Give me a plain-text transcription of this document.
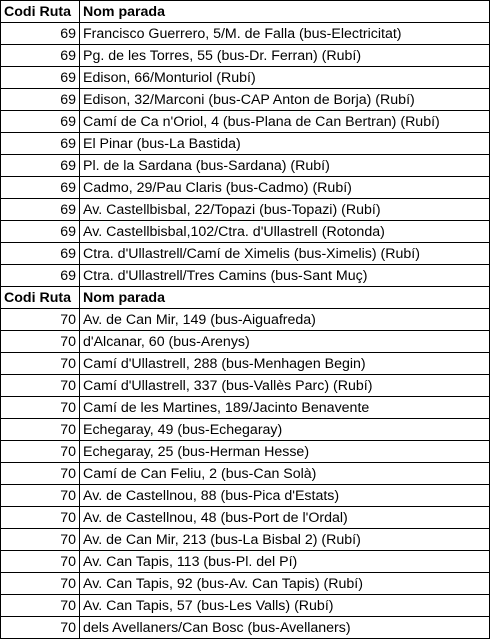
Codi Ruta	Nom parada
69	Francisco Guerrero, 5/M. de Falla (bus-Electricitat)
69	Pg. de les Torres, 55 (bus-Dr. Ferran) (Rubí)
69	Edison, 66/Monturiol (Rubí)
69	Edison, 32/Marconi (bus-CAP Anton de Borja) (Rubí)
69	Camí de Ca n'Oriol, 4 (bus-Plana de Can Bertran) (Rubí)
69	El Pinar (bus-La Bastida)
69	Pl. de la Sardana (bus-Sardana) (Rubí)
69	Cadmo, 29/Pau Claris (bus-Cadmo) (Rubí)
69	Av. Castellbisbal, 22/Topazi (bus-Topazi) (Rubí)
69	Av. Castellbisbal,102/Ctra. d'Ullastrell (Rotonda)
69	Ctra. d'Ullastrell/Camí de Ximelis (bus-Ximelis) (Rubí)
69	Ctra. d'Ullastrell/Tres Camins (bus-Sant Muç)
Codi Ruta	Nom parada
70	Av. de Can Mir, 149 (bus-Aiguafreda)
70	d'Alcanar, 60 (bus-Arenys)
70	Camí d'Ullastrell, 288 (bus-Menhagen Begin)
70	Camí d'Ullastrell, 337 (bus-Vallès Parc) (Rubí)
70	Camí de les Martines, 189/Jacinto Benavente
70	Echegaray, 49 (bus-Echegaray)
70	Echegaray, 25 (bus-Herman Hesse)
70	Camí de Can Feliu, 2 (bus-Can Solà)
70	Av. de Castellnou, 88 (bus-Pica d'Estats)
70	Av. de Castellnou, 48 (bus-Port de l'Ordal)
70	Av. de Can Mir, 213 (bus-La Bisbal 2) (Rubí)
70	Av. Can Tapis, 113 (bus-Pl. del Pí)
70	Av. Can Tapis, 92 (bus-Av. Can Tapis) (Rubí)
70	Av. Can Tapis, 57 (bus-Les Valls) (Rubí)
70	dels Avellaners/Can Bosc (bus-Avellaners)
